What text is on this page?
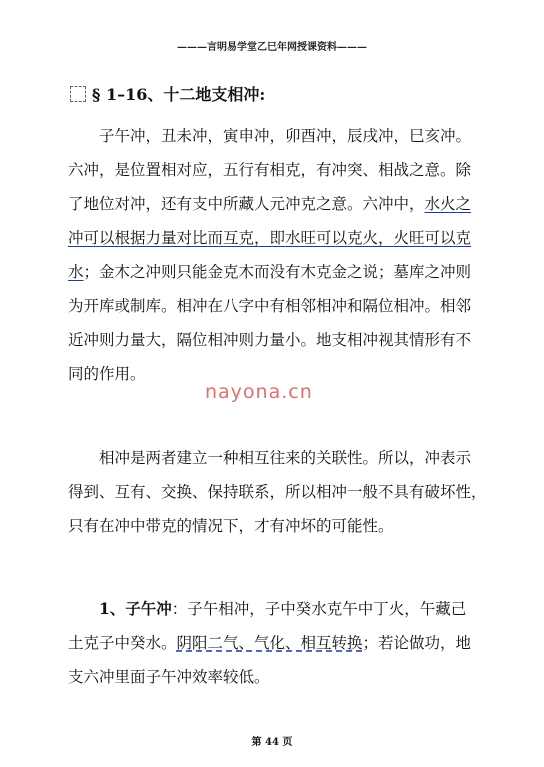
———言明易学堂乙巳年网授课资料———
§ 1–16、十二地支相冲:
子午冲，丑未冲，寅申冲，卯酉冲，辰戌冲，巳亥冲。
六冲，是位置相对应，五行有相克，有冲突、相战之意。除
了地位对冲，还有支中所藏人元冲克之意。六冲中，水火之
冲可以根据力量对比而互克，即水旺可以克火，火旺可以克
水；金木之冲则只能金克木而没有木克金之说；墓库之冲则
为开库或制库。相冲在八字中有相邻相冲和隔位相冲。相邻
近冲则力量大，隔位相冲则力量小。地支相冲视其情形有不
同的作用。
nayona.cn
相冲是两者建立一种相互往来的关联性。所以，冲表示
得到、互有、交换、保持联系，所以相冲一般不具有破坏性，
只有在冲中带克的情况下，才有冲坏的可能性。
1、子午冲：子午相冲，子中癸水克午中丁火，午藏己
土克子中癸水。阴阳二气、气化、相互转换；若论做功，地
支六冲里面子午冲效率较低。
第 44 页
